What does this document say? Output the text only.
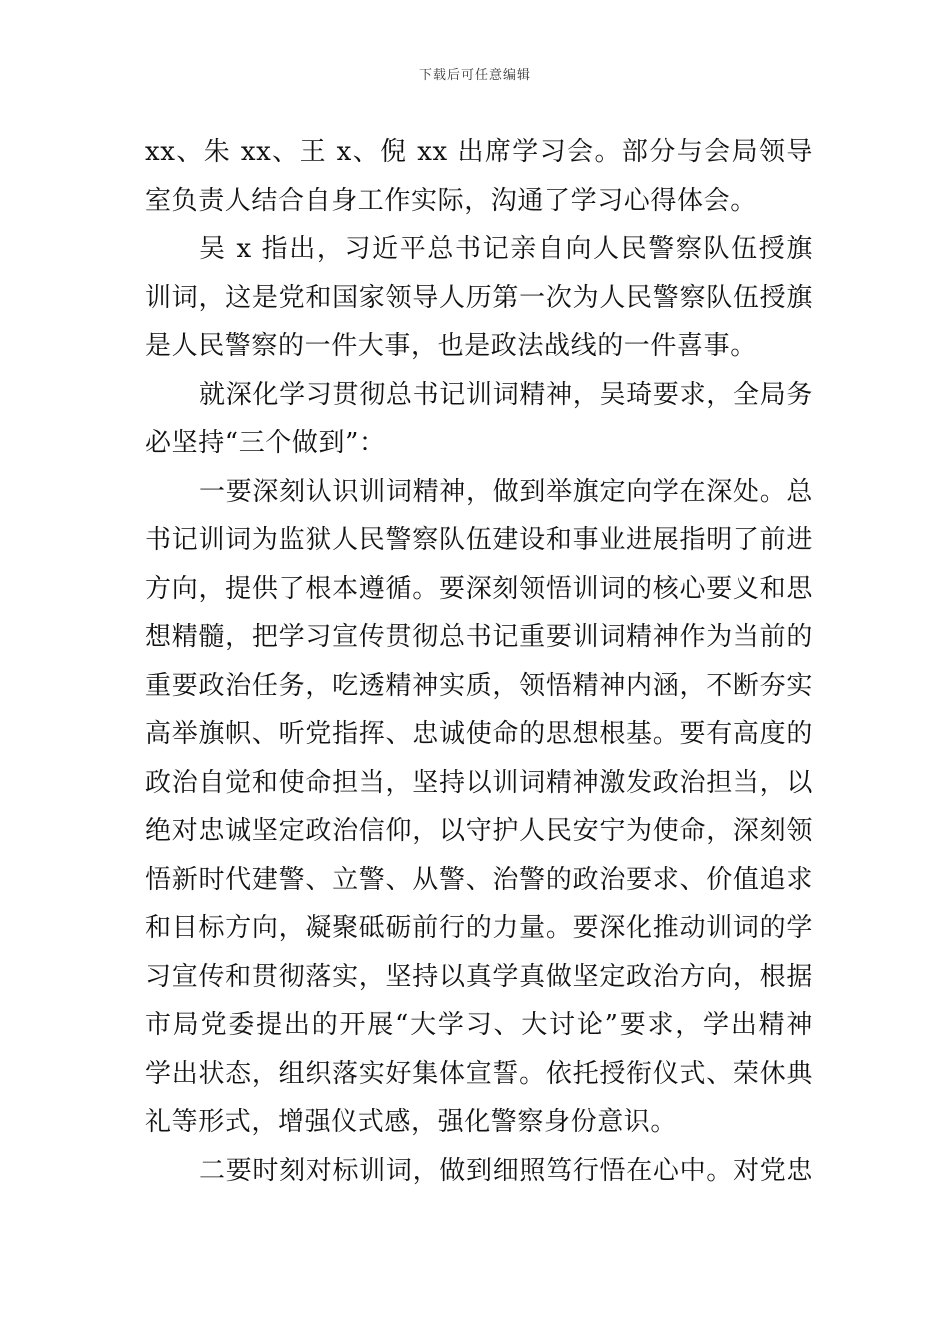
下载后可任意编辑
xx、朱 xx、王 x、倪 xx 出席学习会。部分与会局领导
室负责人结合自身工作实际，沟通了学习心得体会。
吴 x 指出，习近平总书记亲自向人民警察队伍授旗
训词，这是党和国家领导人历第一次为人民警察队伍授旗
是人民警察的一件大事，也是政法战线的一件喜事。
就深化学习贯彻总书记训词精神，吴琦要求，全局务
必坚持“三个做到”：
一要深刻认识训词精神，做到举旗定向学在深处。总
书记训词为监狱人民警察队伍建设和事业进展指明了前进
方向，提供了根本遵循。要深刻领悟训词的核心要义和思
想精髓，把学习宣传贯彻总书记重要训词精神作为当前的
重要政治任务，吃透精神实质，领悟精神内涵，不断夯实
高举旗帜、听党指挥、忠诚使命的思想根基。要有高度的
政治自觉和使命担当，坚持以训词精神激发政治担当，以
绝对忠诚坚定政治信仰，以守护人民安宁为使命，深刻领
悟新时代建警、立警、从警、治警的政治要求、价值追求
和目标方向，凝聚砥砺前行的力量。要深化推动训词的学
习宣传和贯彻落实，坚持以真学真做坚定政治方向，根据
市局党委提出的开展“大学习、大讨论”要求，学出精神
学出状态，组织落实好集体宣誓。依托授衔仪式、荣休典
礼等形式，增强仪式感，强化警察身份意识。
二要时刻对标训词，做到细照笃行悟在心中。对党忠
